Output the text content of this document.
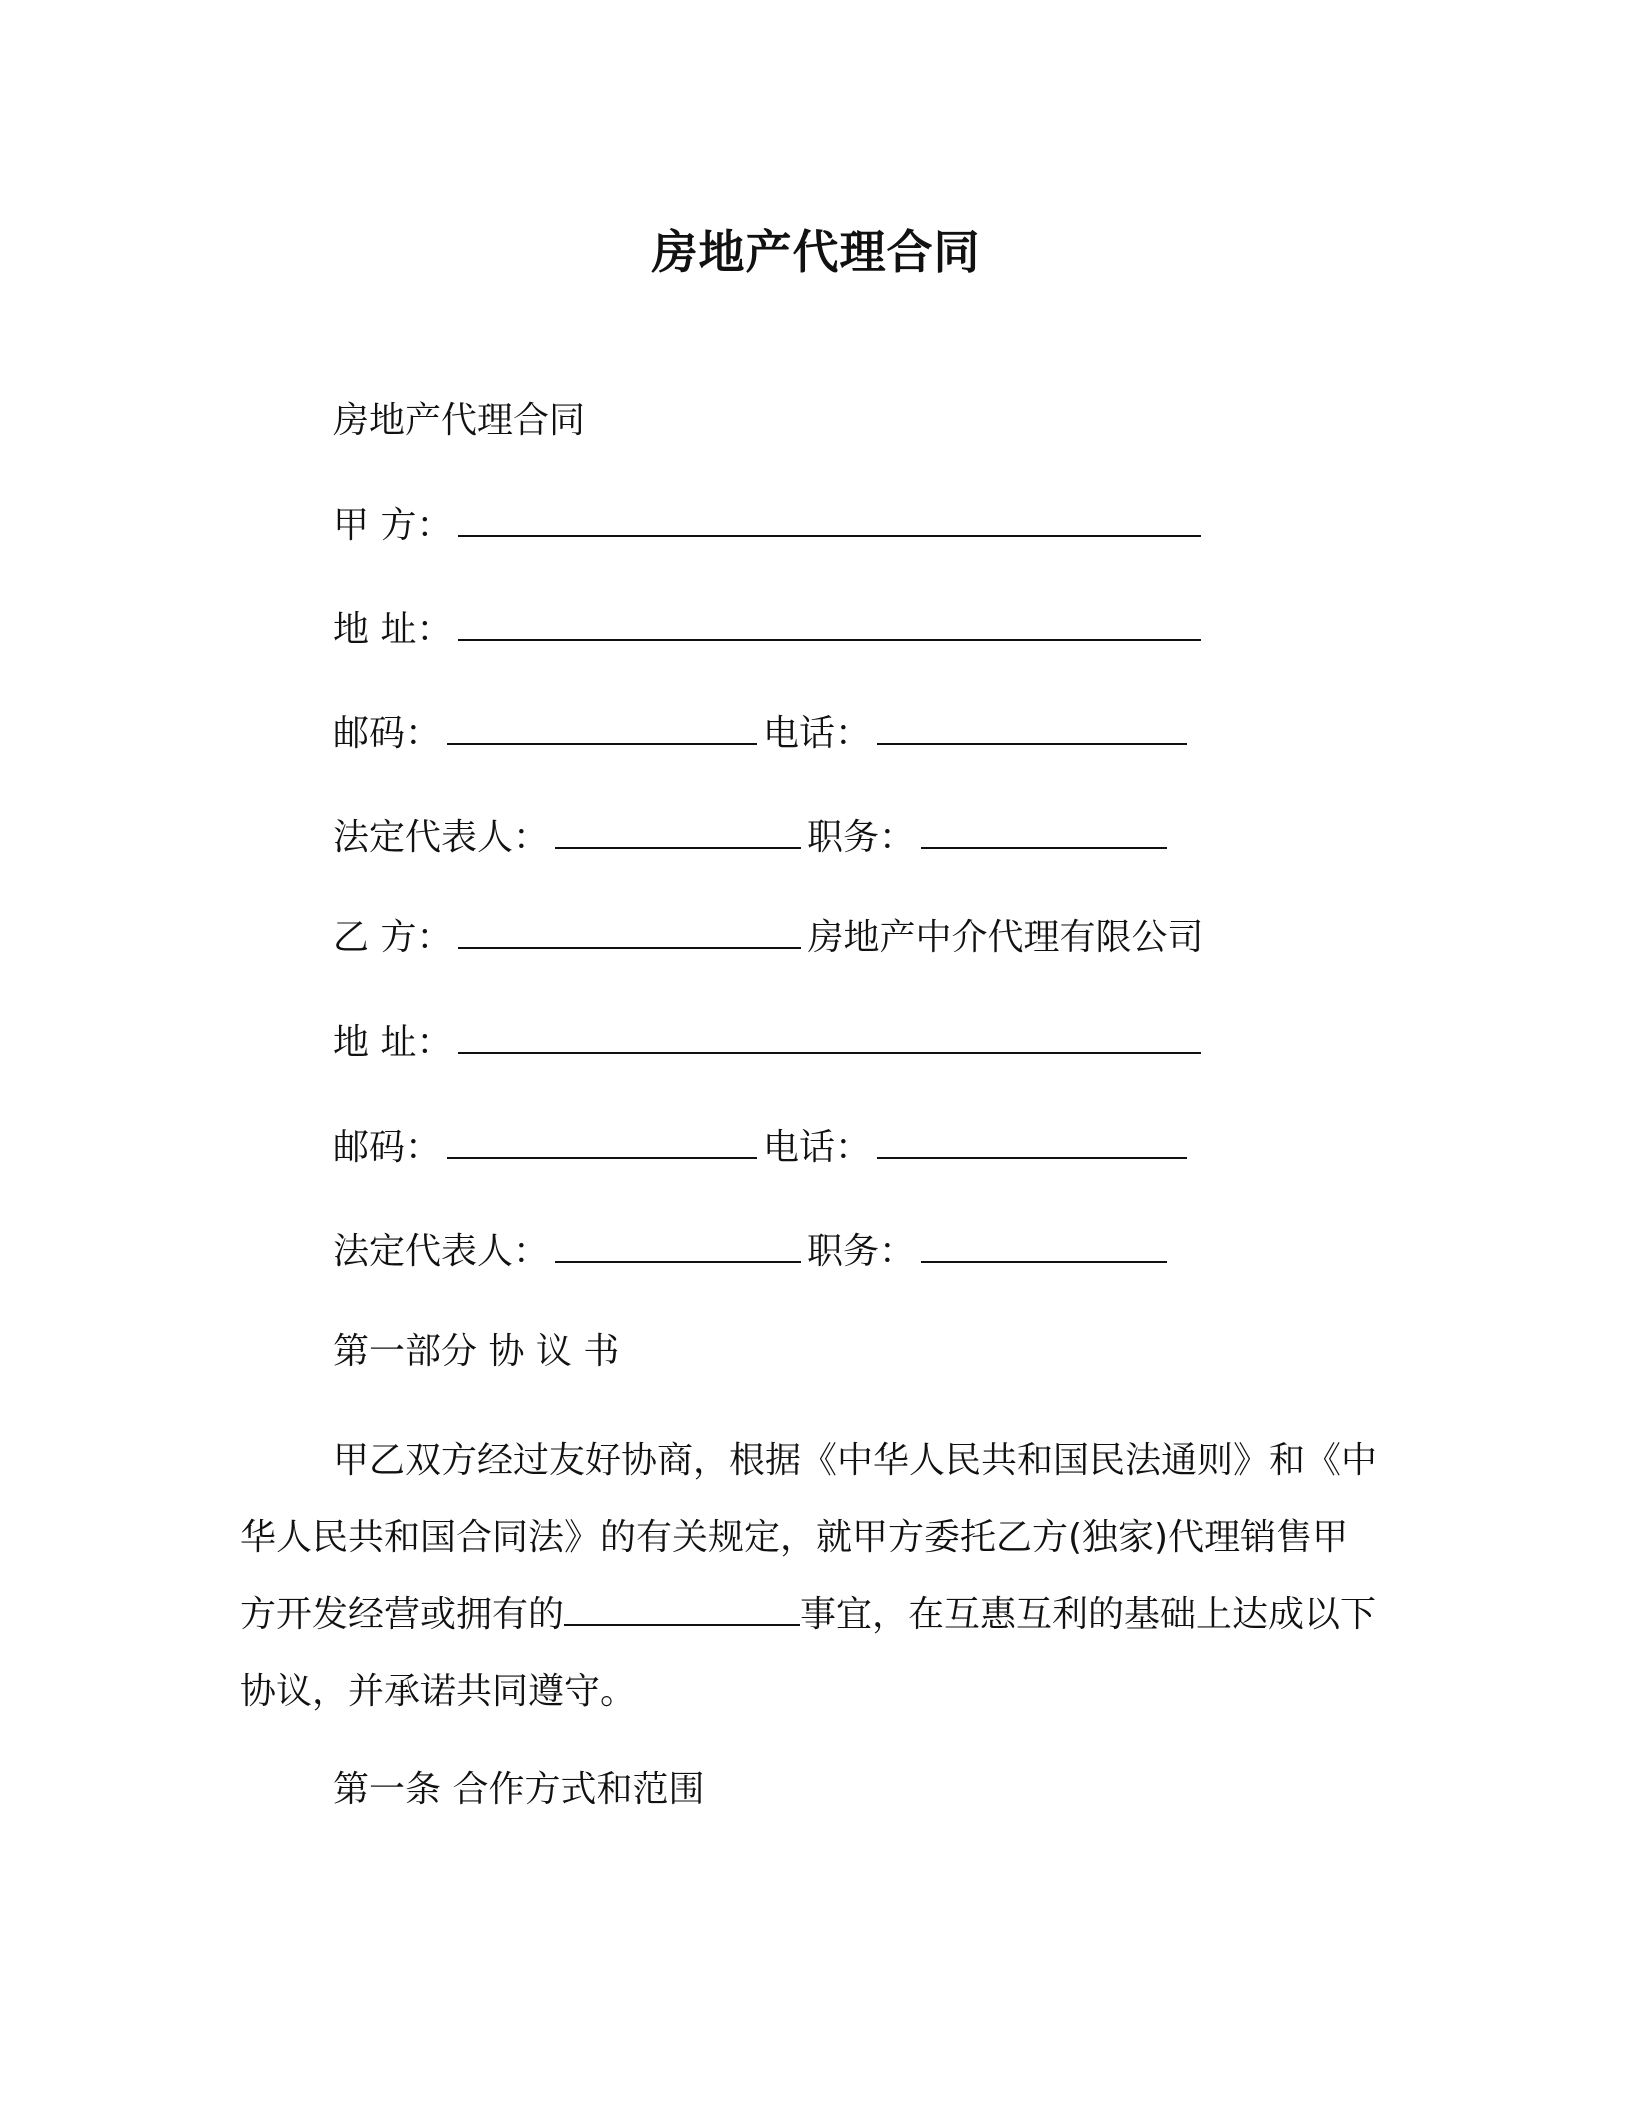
房地产代理合同
房地产代理合同
甲 方：
地 址：
邮码：	电话：
法定代表人：	职务：
乙 方：	房地产中介代理有限公司
地 址：
邮码：	电话：
法定代表人：	职务：
第一部分 协 议 书
甲乙双方经过友好协商，根据《中华人民共和国民法通则》和《中华人民共和国合同法》的有关规定，就甲方委托乙方(独家)代理销售甲方开发经营或拥有的	事宜，在互惠互利的基础上达成以下协议，并承诺共同遵守。
第一条 合作方式和范围
